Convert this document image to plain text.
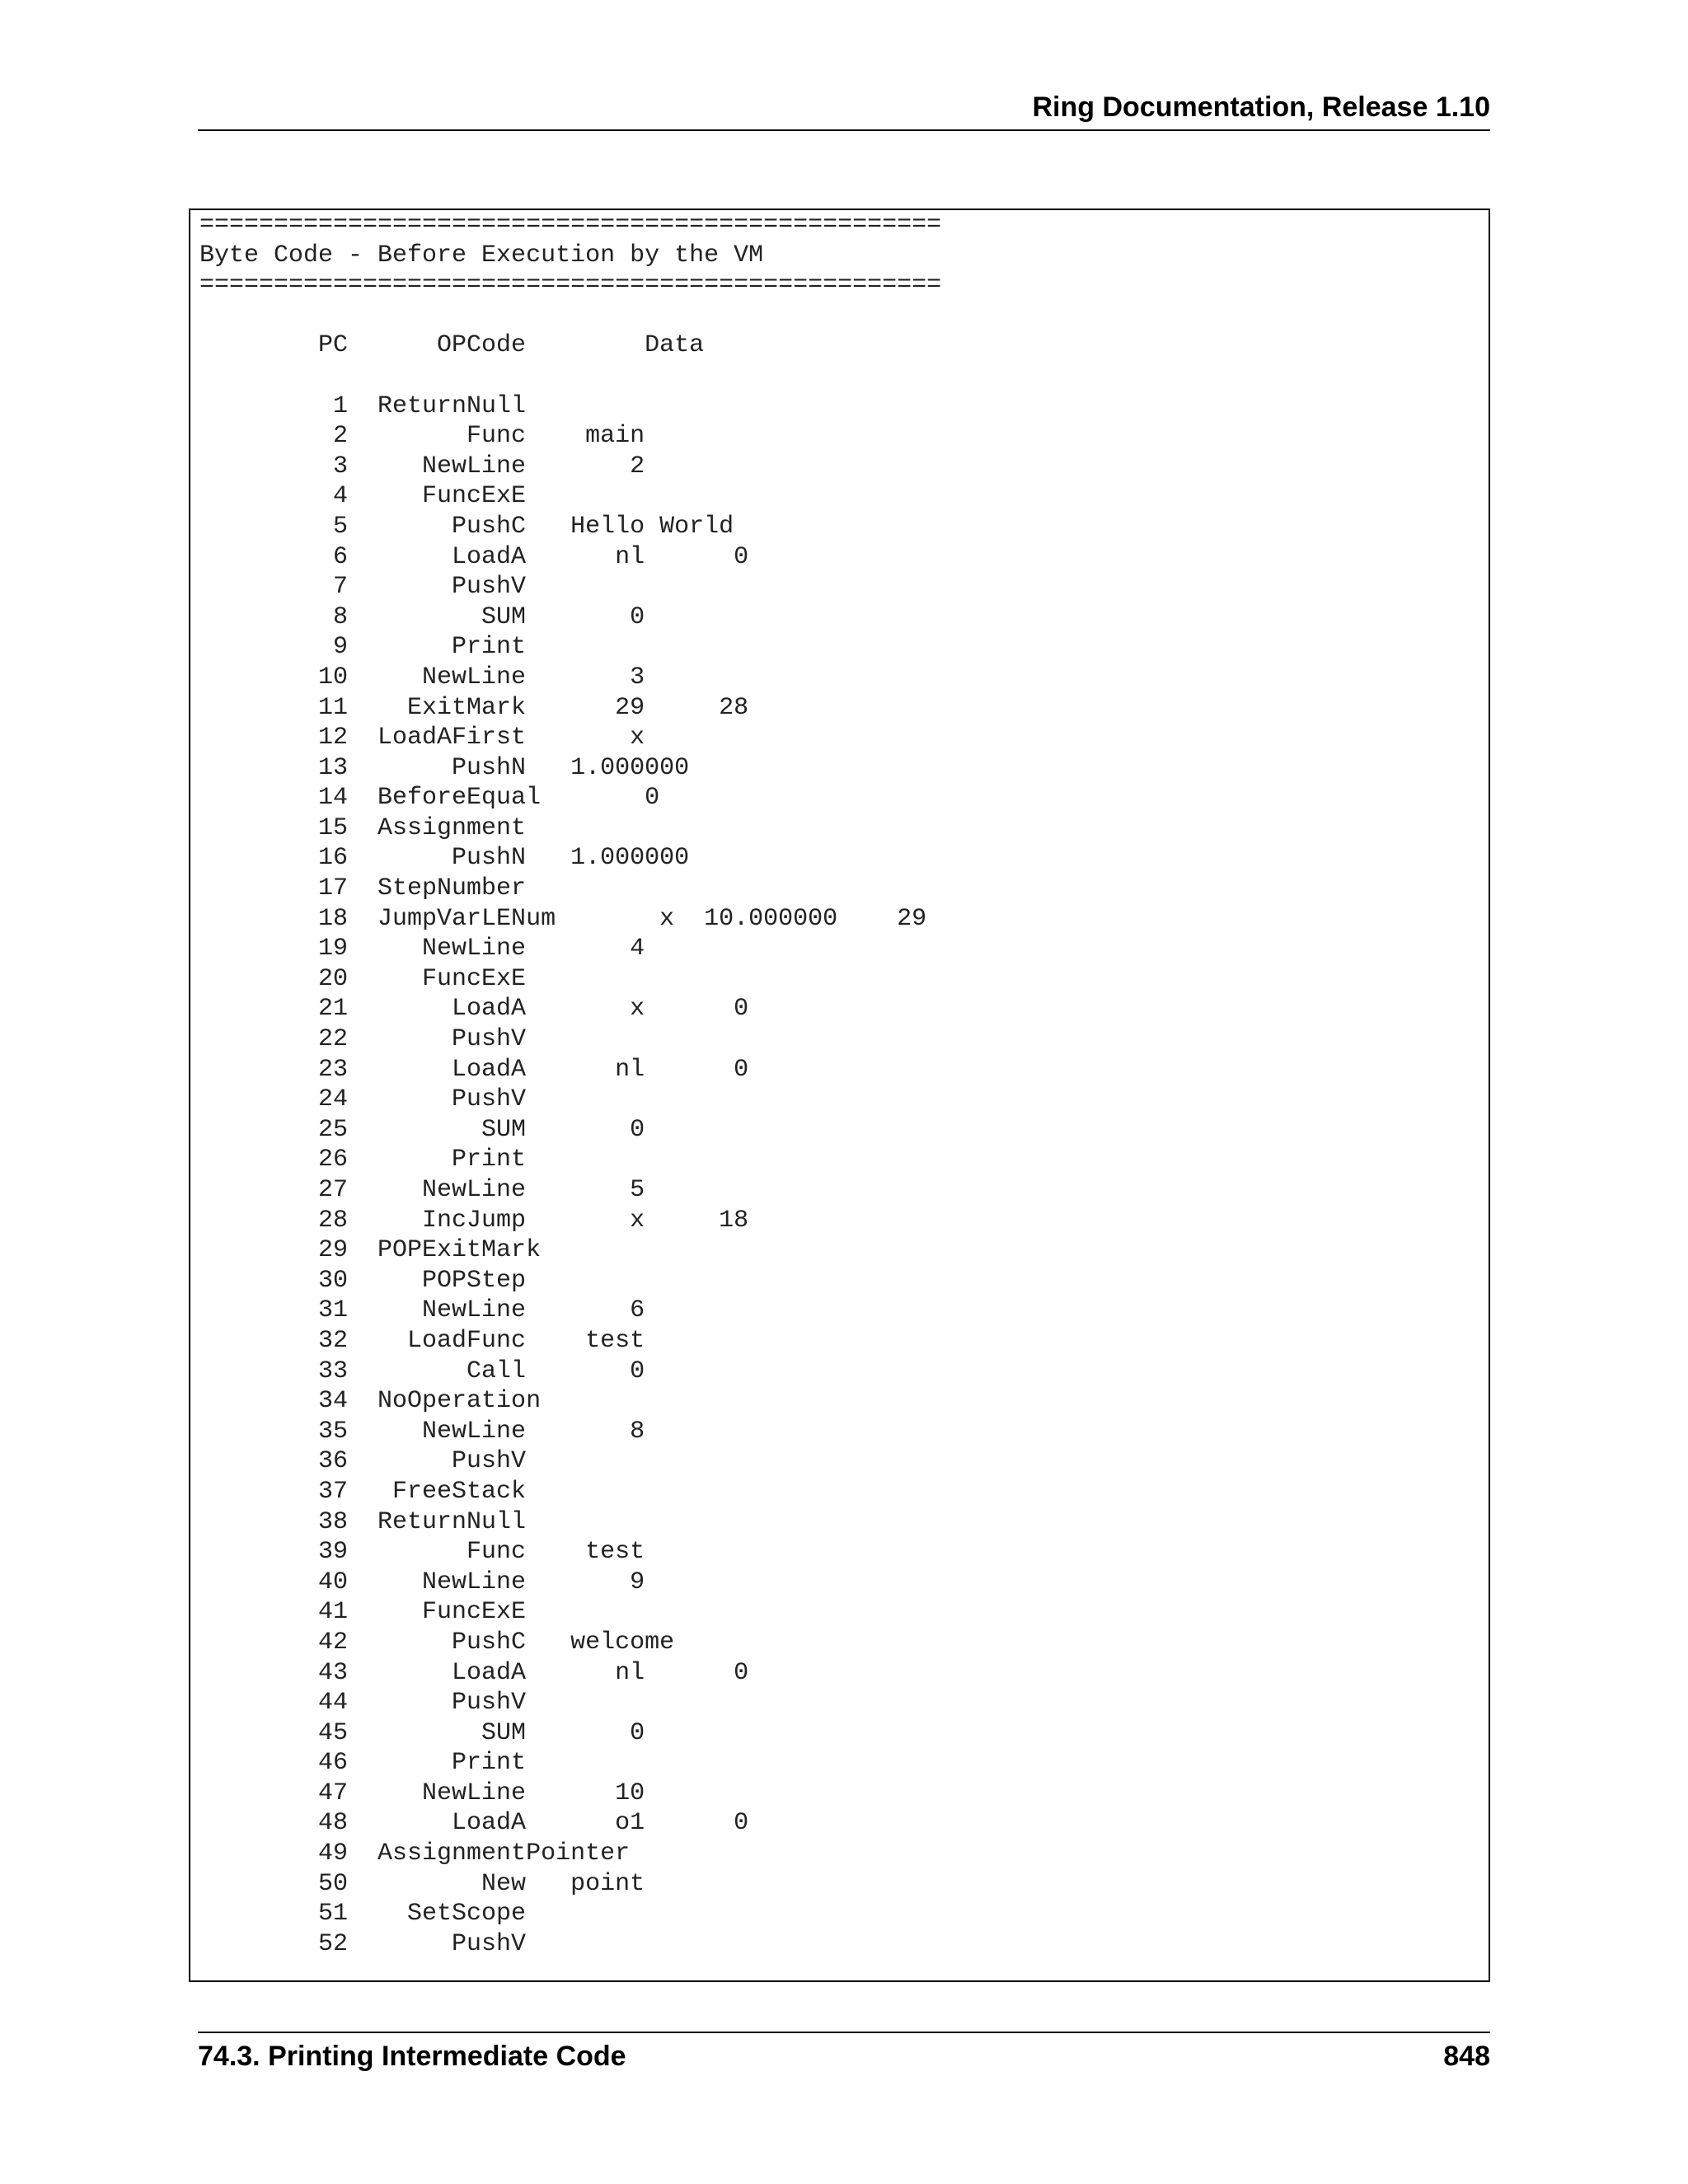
Ring Documentation, Release 1.10
==================================================
Byte Code - Before Execution by the VM
==================================================

PC      OPCode        Data

1  ReturnNull
2        Func    main
3     NewLine       2
4     FuncExE
5       PushC   Hello World
6       LoadA      nl      0
7       PushV
8         SUM       0
9       Print
10     NewLine       3
11    ExitMark      29     28
12  LoadAFirst       x
13       PushN   1.000000
14  BeforeEqual       0
15  Assignment
16       PushN   1.000000
17  StepNumber
18  JumpVarLENum       x  10.000000    29
19     NewLine       4
20     FuncExE
21       LoadA       x      0
22       PushV
23       LoadA      nl      0
24       PushV
25         SUM       0
26       Print
27     NewLine       5
28     IncJump       x     18
29  POPExitMark
30     POPStep
31     NewLine       6
32    LoadFunc    test
33        Call       0
34  NoOperation
35     NewLine       8
36       PushV
37   FreeStack
38  ReturnNull
39        Func    test
40     NewLine       9
41     FuncExE
42       PushC   welcome
43       LoadA      nl      0
44       PushV
45         SUM       0
46       Print
47     NewLine      10
48       LoadA      o1      0
49  AssignmentPointer
50         New   point
51    SetScope
52       PushV
74.3. Printing Intermediate Code	848
